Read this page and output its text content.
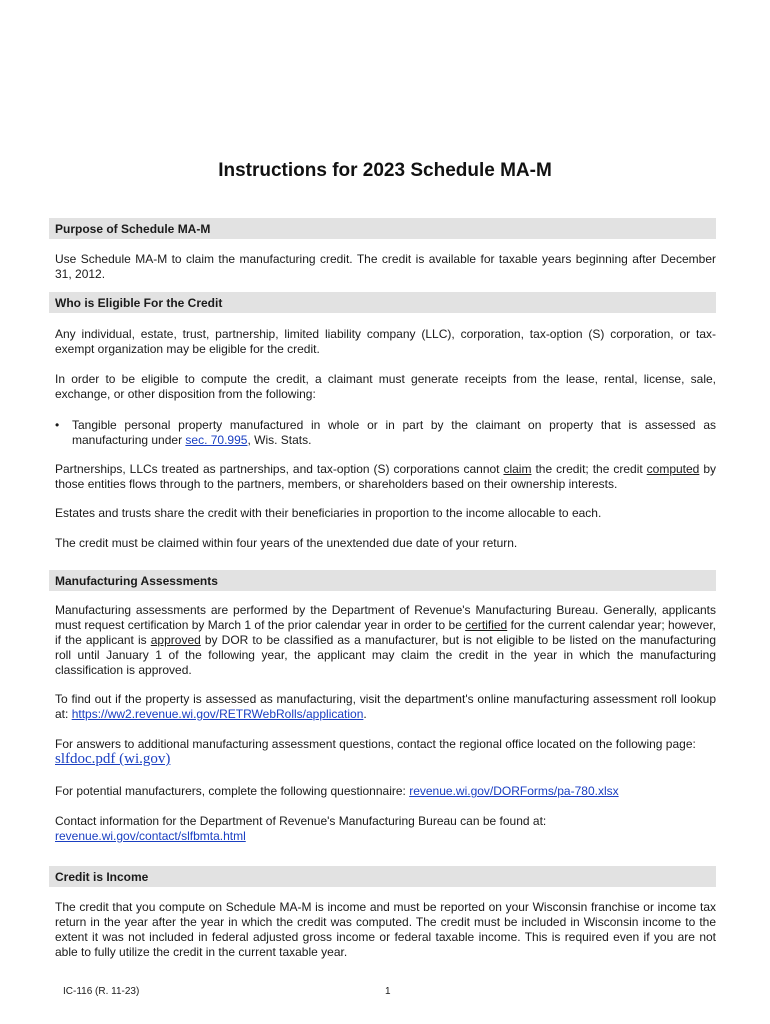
Instructions for 2023 Schedule MA-M
Purpose of Schedule MA-M
Use Schedule MA-M to claim the manufacturing credit. The credit is available for taxable years beginning after December 31, 2012.
Who is Eligible For the Credit
Any individual, estate, trust, partnership, limited liability company (LLC), corporation, tax-option (S) corporation, or tax-exempt organization may be eligible for the credit.
In order to be eligible to compute the credit, a claimant must generate receipts from the lease, rental, license, sale, exchange, or other disposition from the following:
•	Tangible personal property manufactured in whole or in part by the claimant on property that is assessed as manufacturing under sec. 70.995, Wis. Stats.
Partnerships, LLCs treated as partnerships, and tax-option (S) corporations cannot claim the credit; the credit computed by those entities flows through to the partners, members, or shareholders based on their ownership interests.
Estates and trusts share the credit with their beneficiaries in proportion to the income allocable to each.
The credit must be claimed within four years of the unextended due date of your return.
Manufacturing Assessments
Manufacturing assessments are performed by the Department of Revenue's Manufacturing Bureau. Generally, applicants must request certification by March 1 of the prior calendar year in order to be certified for the current calendar year; however, if the applicant is approved by DOR to be classified as a manufacturer, but is not eligible to be listed on the manufacturing roll until January 1 of the following year, the applicant may claim the credit in the year in which the manufacturing classification is approved.
To find out if the property is assessed as manufacturing, visit the department's online manufacturing assessment roll lookup at: https://ww2.revenue.wi.gov/RETRWebRolls/application.
For answers to additional manufacturing assessment questions, contact the regional office located on the following page:
slfdoc.pdf (wi.gov)
For potential manufacturers, complete the following questionnaire: revenue.wi.gov/DORForms/pa-780.xlsx
Contact information for the Department of Revenue's Manufacturing Bureau can be found at:
revenue.wi.gov/contact/slfbmta.html
Credit is Income
The credit that you compute on Schedule MA-M is income and must be reported on your Wisconsin franchise or income tax return in the year after the year in which the credit was computed. The credit must be included in Wisconsin income to the extent it was not included in federal adjusted gross income or federal taxable income. This is required even if you are not able to fully utilize the credit in the current taxable year.
IC-116 (R. 11-23)	1
